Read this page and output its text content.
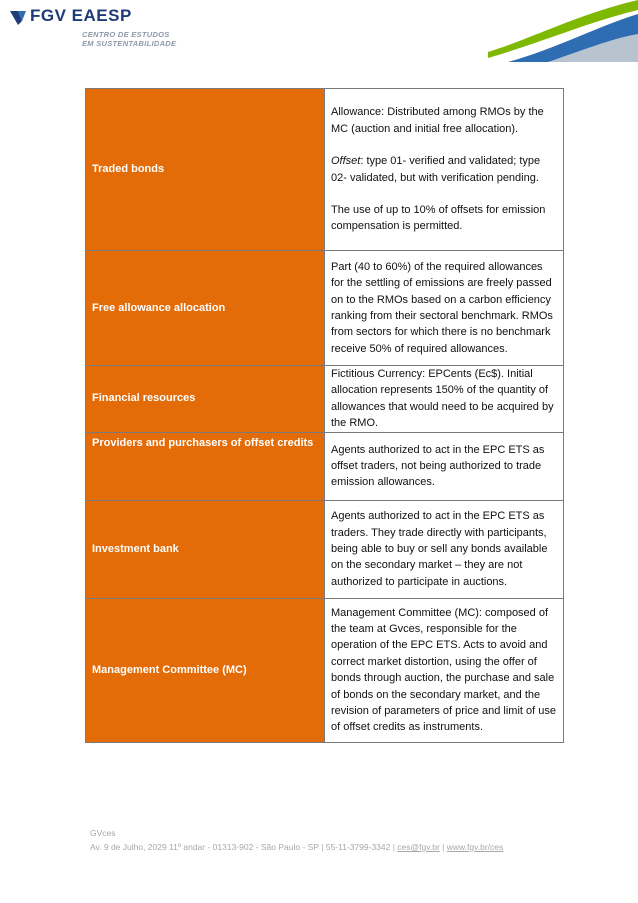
FGV EAESP
CENTRO DE ESTUDOS
EM SUSTENTABILIDADE
Traded bonds	Allowance: Distributed among RMOs by the MC (auction and initial free allocation).

Offset: type 01- verified and validated; type 02- validated, but with verification pending.

The use of up to 10% of offsets for emission compensation is permitted.

Free allowance allocation	Part (40 to 60%) of the required allowances for the settling of emissions are freely passed on to the RMOs based on a carbon efficiency ranking from their sectoral benchmark. RMOs from sectors for which there is no benchmark receive 50% of required allowances.
Financial resources	Fictitious Currency: EPCents (Ec$). Initial allocation represents 150% of the quantity of allowances that would need to be acquired by the RMO.
Providers and purchasers of offset credits	Agents authorized to act in the EPC ETS as offset traders, not being authorized to trade emission allowances.
Investment bank	Agents authorized to act in the EPC ETS as traders. They trade directly with participants, being able to buy or sell any bonds available on the secondary market – they are not authorized to participate in auctions.
Management Committee (MC)	Management Committee (MC): composed of the team at Gvces, responsible for the operation of the EPC ETS. Acts to avoid and correct market distortion, using the offer of bonds through auction, the purchase and sale of bonds on the secondary market, and the revision of parameters of price and limit of use of offset credits as instruments.
GVces
Av. 9 de Julho, 2029 11º andar - 01313-902 - São Paulo - SP | 55-11-3799-3342 | ces@fgv.br | www.fgv.br/ces
